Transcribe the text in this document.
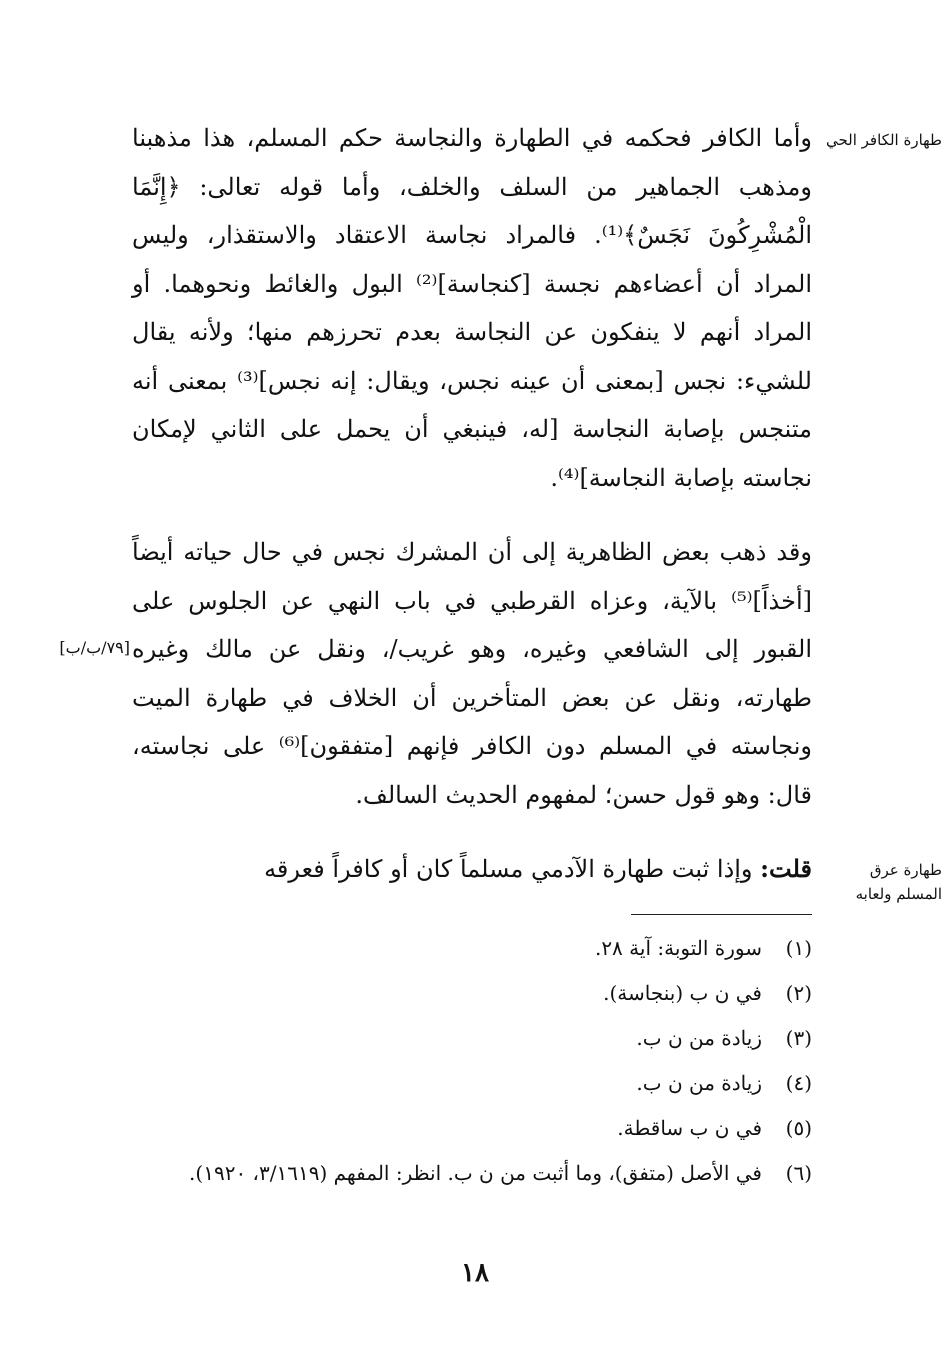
طهارة الكافر الحي

وأما الكافر فحكمه في الطهارة والنجاسة حكم المسلم، هذا مذهبنا ومذهب الجماهير من السلف والخلف، وأما قوله تعالى: ﴿إِنَّمَا الْمُشْرِكُونَ نَجَسٌ﴾⁽¹⁾. فالمراد نجاسة الاعتقاد والاستقذار، وليس المراد أن أعضاءهم نجسة [كنجاسة]⁽²⁾ البول والغائط ونحوهما. أو المراد أنهم لا ينفكون عن النجاسة بعدم تحرزهم منها؛ ولأنه يقال للشيء: نجس [بمعنى أن عينه نجس، ويقال: إنه نجس]⁽³⁾ بمعنى أنه متنجس بإصابة النجاسة [له، فينبغي أن يحمل على الثاني لإمكان نجاسته بإصابة النجاسة]⁽⁴⁾.

وقد ذهب بعض الظاهرية إلى أن المشرك نجس في حال حياته أيضاً [أخذاً]⁽⁵⁾ بالآية، وعزاه القرطبي في باب النهي عن الجلوس على القبور إلى الشافعي وغيره، وهو غريب/، ونقل عن مالك وغيره طهارته، ونقل عن بعض المتأخرين أن الخلاف في طهارة الميت ونجاسته في المسلم دون الكافر فإنهم [متفقون]⁽⁶⁾ على نجاسته، قال: وهو قول حسن؛ لمفهوم الحديث السالف.

[٧٩/ب/ب]
طهارة عرق المسلم ولعابه

قلت: وإذا ثبت طهارة الآدمي مسلماً كان أو كافراً فعرقه

(١)
سورة التوبة: آية ٢٨.
(٢)
في ن ب (بنجاسة).
(٣)
زيادة من ن ب.
(٤)
زيادة من ن ب.
(٥)
في ن ب ساقطة.
(٦)
في الأصل (متفق)، وما أثبت من ن ب. انظر: المفهم (٣/١٦١٩، ١٩٢٠).
١٨
